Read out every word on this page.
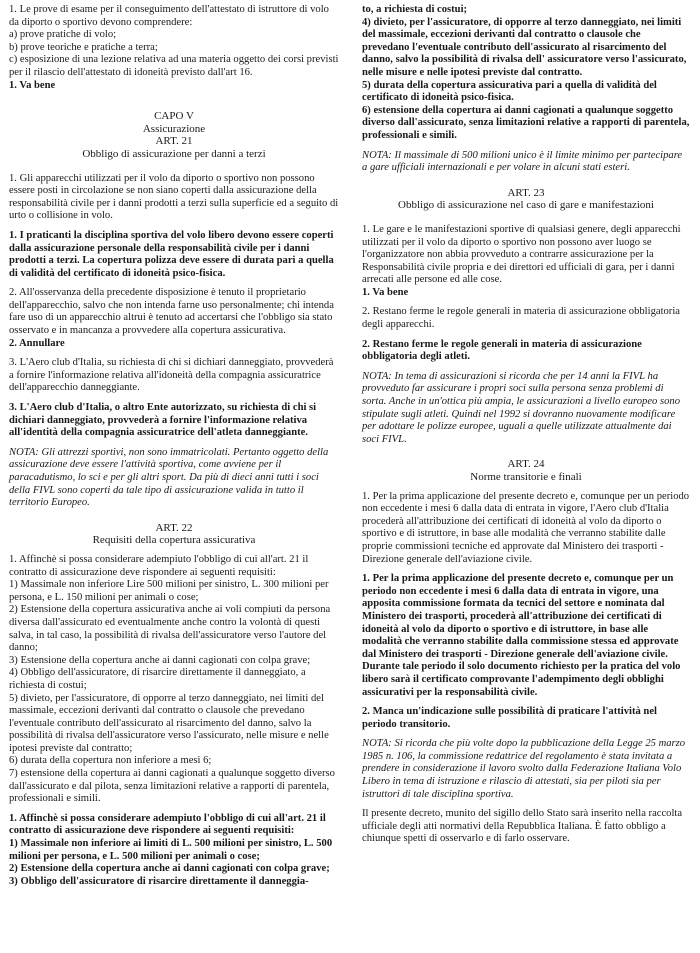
1. Le prove di esame per il conseguimento dell'attestato di istruttore di volo da diporto o sportivo devono comprendere:

a) prove pratiche di volo;

b) prove teoriche e pratiche a terra;

c) esposizione di una lezione relativa ad una materia oggetto dei corsi previsti per il rilascio dell'attestato di idoneità previsto dall'art 16.

1. Va bene

CAPO V

Assicurazione

ART. 21

Obbligo di assicurazione per danni a terzi

1. Gli apparecchi utilizzati per il volo da diporto o sportivo non possono essere posti in circolazione se non siano coperti dalla assicurazione della responsabilità civile per i danni prodotti a terzi sulla superficie ed a seguito di urto o collisione in volo.

1. I praticanti la disciplina sportiva del volo libero devono essere coperti dalla assicurazione personale della responsabilità civile per i danni prodotti a terzi. La copertura polizza deve essere di durata pari a quella di validità del certificato di idoneità psico-fisica.

2. All'osservanza della precedente disposizione è tenuto il proprietario dell'apparecchio, salvo che non intenda farne uso personalmente; chi intenda fare uso di un apparecchio altrui è tenuto ad accertarsi che l'obbligo sia stato osservato e in mancanza a provvedere alla copertura assicurativa.

2. Annullare

3. L'Aero club d'Italia, su richiesta di chi si dichiari danneggiato, provvederà a fornire l'informazione relativa all'idoneità della compagnia assicuratrice dell'apparecchio danneggiante.

3. L'Aero club d'Italia, o altro Ente autorizzato, su richiesta di chi si dichiari danneggiato, provvederà a fornire l'informazione relativa all'identità della compagnia assicuratrice dell'atleta danneggiante.

NOTA: Gli attrezzi sportivi, non sono immatricolati. Pertanto oggetto della assicurazione deve essere l'attività sportiva, come avviene per il paracadutismo, lo sci e per gli altri sport. Da più di dieci anni tutti i soci della FIVL sono coperti da tale tipo di assicurazione valida in tutto il territorio Europeo.

ART. 22

Requisiti della copertura assicurativa

1. Affinchè si possa considerare adempiuto l'obbligo di cui all'art. 21 il contratto di assicurazione deve rispondere ai seguenti requisiti:

1) Massimale non inferiore Lire 500 milioni per sinistro, L. 300 milioni per persona, e L. 150 milioni per animali o cose;

2) Estensione della copertura assicurativa anche ai voli compiuti da persona diversa dall'assicurato ed eventualmente anche contro la volontà di questi salva, in tal caso, la possibilità di rivalsa dell'assicuratore verso l'autore del danno;

3) Estensione della copertura anche ai danni cagionati con colpa grave;

4) Obbligo dell'assicuratore, di risarcire direttamente il danneggiato, a richiesta di costui;

5) divieto, per l'assicuratore, di opporre al terzo danneggiato, nei limiti del massimale, eccezioni derivanti dal contratto o clausole che prevedano l'eventuale contributo dell'assicurato al risarcimento del danno, salvo la possibilità di rivalsa dell'assicuratore verso l'assicurato, nelle misure e nelle ipotesi previste dal contratto;

6) durata della copertura non inferiore a mesi 6;

7) estensione della copertura ai danni cagionati a qualunque soggetto diverso dall'assicurato e dal pilota, senza limitazioni relative a rapporti di parentela, professionali e simili.

1. Affinchè si possa considerare adempiuto l'obbligo di cui all'art. 21 il contratto di assicurazione deve rispondere ai seguenti requisiti:

1) Massimale non inferiore ai limiti di L. 500 milioni per sinistro, L. 500 milioni per persona, e L. 500 milioni per animali o cose;

2) Estensione della copertura anche ai danni cagionati con colpa grave;

3) Obbligo dell'assicuratore di risarcire direttamente il danneggia-

to, a richiesta di costui;

4) divieto, per l'assicuratore, di opporre al terzo danneggiato, nei limiti del massimale, eccezioni derivanti dal contratto o clausole che prevedano l'eventuale contributo dell'assicurato al risarcimento del danno, salvo la possibilità di rivalsa dell' assicuratore verso l'assicurato, nelle misure e nelle ipotesi previste dal contratto.

5) durata della copertura assicurativa pari a quella di validità del certificato di idoneità psico-fisica.

6) estensione della copertura ai danni cagionati a qualunque soggetto diverso dall'assicurato, senza limitazioni relative a rapporti di parentela, professionali e simili.

NOTA: Il massimale di 500 milioni unico è il limite minimo per partecipare a gare ufficiali internazionali e per volare in alcuni stati esteri.

ART. 23

Obbligo di assicurazione nel caso di gare e manifestazioni

1. Le gare e le manifestazioni sportive di qualsiasi genere, degli apparecchi utilizzati per il volo da diporto o sportivo non possono aver luogo se l'organizzatore non abbia provveduto a contrarre assicurazione per la Responsabilità civile propria e dei direttori ed ufficiali di gara, per i danni arrecati alle persone ed alle cose.

1. Va bene

2. Restano ferme le regole generali in materia di assicurazione obbligatoria degli apparecchi.

2. Restano ferme le regole generali in materia di assicurazione obbligatoria degli atleti.

NOTA: In tema di assicurazioni si ricorda che per 14 anni la FIVL ha provveduto far assicurare i propri soci sulla persona senza problemi di sorta. Anche in un'ottica più ampia, le assicurazioni a livello europeo sono stipulate sugli atleti. Quindi nel 1992 si dovranno nuovamente modificare per adottare le polizze europee, uguali a quelle utilizzate attualmente dai soci FIVL.

ART. 24

Norme transitorie e finali

1. Per la prima applicazione del presente decreto e, comunque per un periodo non eccedente i mesi 6 dalla data di entrata in vigore, l'Aero club d'Italia procederà all'attribuzione dei certificati di idoneità al volo da diporto o sportivo e di istruttore, in base alle modalità che verranno stabilite dalle proprie commissioni tecniche ed approvate dal Ministero dei trasporti - Direzione generale dell'aviazione civile.

1. Per la prima applicazione del presente decreto e, comunque per un periodo non eccedente i mesi 6 dalla data di entrata in vigore, una apposita commissione formata da tecnici del settore e nominata dal Ministero dei trasporti, procederà all'attribuzione dei certificati di idoneità al volo da diporto o sportivo e di istruttore, in base alle modalità che verranno stabilite dalla commissione stessa ed approvate dal Ministero dei trasporti - Direzione generale dell'aviazione civile. Durante tale periodo il solo documento richiesto per la pratica del volo libero sarà il certificato comprovante l'adempimento degli obblighi assicurativi per la responsabilità civile.

2. Manca un'indicazione sulle possibilità di praticare l'attività nel periodo transitorio.

NOTA: Si ricorda che più volte dopo la pubblicazione della Legge 25 marzo 1985 n. 106, la commissione redattrice del regolamento è stata invitata a prendere in considerazione il lavoro svolto dalla Federazione Italiana Volo Libero in tema di istruzione e rilascio di attestati, sia per piloti sia per istruttori di tale disciplina sportiva.

Il presente decreto, munito del sigillo dello Stato sarà inserito nella raccolta ufficiale degli atti normativi della Repubblica Italiana. È fatto obbligo a chiunque spetti di osservarlo e di farlo osservare.
